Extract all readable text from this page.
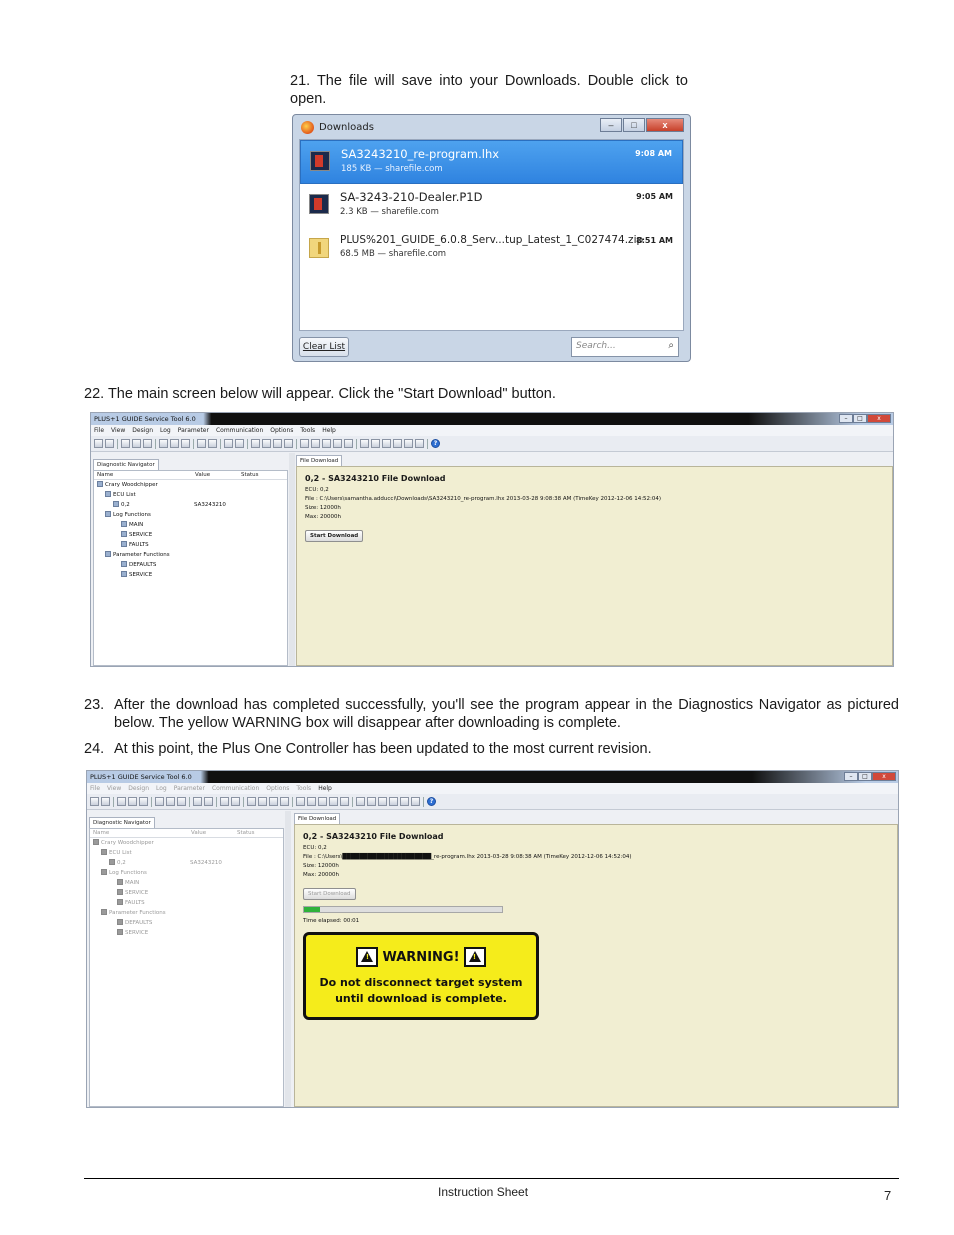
21. The file will save into your Downloads. Double click to open.
Downloads	–	□	x
SA3243210_re-program.lhx
185 KB — sharefile.com
9:08 AM
SA-3243-210-Dealer.P1D
2.3 KB — sharefile.com
9:05 AM
PLUS%201_GUIDE_6.0.8_Serv...tup_Latest_1_C027474.zip
68.5 MB — sharefile.com
8:51 AM
Clear List	Search...	⌕
22. The main screen below will appear. Click the "Start Download" button.
PLUS+1 GUIDE Service Tool 6.0	–	□	x
File View Design Log Parameter Communication Options Tools Help
?
Diagnostic Navigator
Name	Value	Status
Crary Woodchipper
ECU List
0,2	SA3243210
Log Functions
MAIN
SERVICE
FAULTS
Parameter Functions
DEFAULTS
SERVICE
File Download
0,2 - SA3243210 File Download
ECU: 0,2
File : C:\Users\samantha.adducci\Downloads\SA3243210_re-program.lhx 2013-03-28 9:08:38 AM (TimeKey 2012-12-06 14:52:04)
Size: 12000h
Max: 20000h
Start Download
23. After the download has completed successfully, you'll see the program appear in the Diagnostics Navigator as pictured below. The yellow WARNING box will disappear after downloading is complete.
24. At this point, the Plus One Controller has been updated to the most current revision.
PLUS+1 GUIDE Service Tool 6.0	–	□	x
File View Design Log Parameter Communication Options Tools Help
?
Diagnostic Navigator
Name	Value	Status
Crary Woodchipper
ECU List
0,2	SA3243210
Log Functions
MAIN
SERVICE
FAULTS
Parameter Functions
DEFAULTS
SERVICE
File Download
0,2 - SA3243210 File Download
ECU: 0,2
File : C:\Users\█████████████████████_re-program.lhx 2013-03-28 9:08:38 AM (TimeKey 2012-12-06 14:52:04)
Size: 12000h
Max: 20000h
Start Download
Time elapsed: 00:01
!
WARNING!
!
Do not disconnect target system
until download is complete.
Instruction Sheet	7
